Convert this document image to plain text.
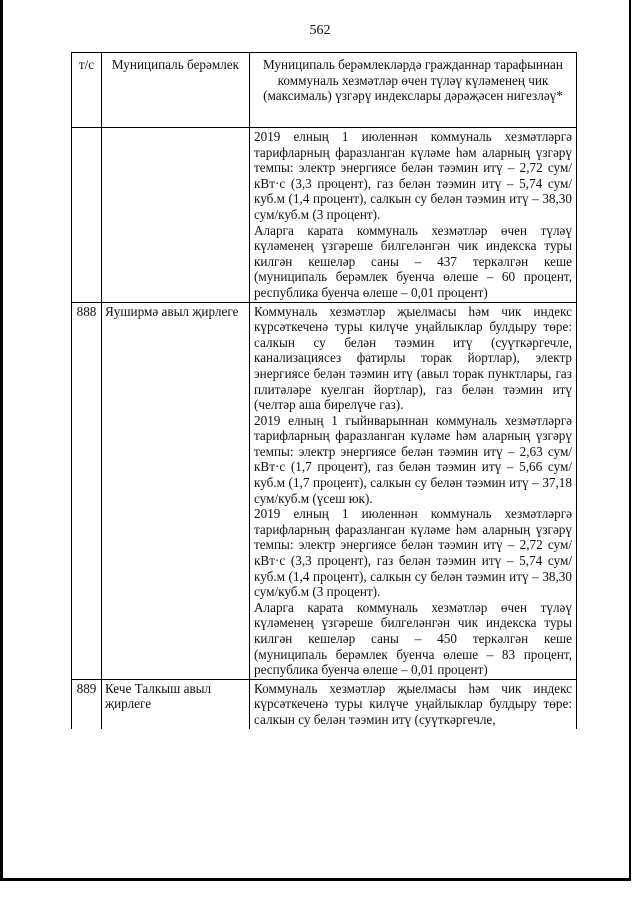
562
т/с	Муниципаль берәмлек	Муниципаль берәмлекләрдә гражданнар тарафыннан коммуналь хезмәтләр өчен түләү күләменең чик (максималь) үзгәрү индекслары дәрәҗәсен нигезләү*

		2019 елның 1 июленнән коммуналь хезмәтләргә тарифларның фаразланган күләме һәм аларның үзгәрү темпы: электр энергиясе белән тәэмин итү – 2,72 сум/кВт·с (3,3 процент), газ белән тәэмин итү – 5,74 сум/куб.м (1,4 процент), салкын су белән тәэмин итү – 38,30 сум/куб.м (3 процент).

Аларга карата коммуналь хезмәтләр өчен түләү күләменең үзгәреше билгеләнгән чик индекска туры килгән кешеләр саны – 437 теркәлгән кеше (муниципаль берәмлек буенча өлеше – 60 процент, республика буенча өлеше – 0,01 процент)

888	Яуширмә авыл җирлеге	Коммуналь хезмәтләр җыелмасы һәм чик индекс күрсәткеченә туры килүче уңайлыклар булдыру төре: салкын су белән тәэмин итү (суүткәргечле, канализациясез фатирлы торак йортлар), электр энергиясе белән тәэмин итү (авыл торак пунктлары, газ плитәләре куелган йортлар), газ белән тәэмин итү (челтәр аша бирелүче газ).

2019 елның 1 гыйнварыннан коммуналь хезмәтләргә тарифларның фаразланган күләме һәм аларның үзгәрү темпы: электр энергиясе белән тәэмин итү – 2,63 сум/кВт·с (1,7 процент), газ белән тәэмин итү – 5,66 сум/куб.м (1,7 процент), салкын су белән тәэмин итү – 37,18 сум/куб.м (үсеш юк).

2019 елның 1 июленнән коммуналь хезмәтләргә тарифларның фаразланган күләме һәм аларның үзгәрү темпы: электр энергиясе белән тәэмин итү – 2,72 сум/кВт·с (3,3 процент), газ белән тәэмин итү – 5,74 сум/куб.м (1,4 процент), салкын су белән тәэмин итү – 38,30 сум/куб.м (3 процент).

Аларга карата коммуналь хезмәтләр өчен түләү күләменең үзгәреше билгеләнгән чик индекска туры килгән кешеләр саны – 450 теркәлгән кеше (муниципаль берәмлек буенча өлеше – 83 процент, республика буенча өлеше – 0,01 процент)

889	Кече Талкыш авыл җирлеге	Коммуналь хезмәтләр җыелмасы һәм чик индекс күрсәткеченә туры килүче уңайлыклар булдыру төре: салкын су белән тәэмин итү (суүткәргечле,
